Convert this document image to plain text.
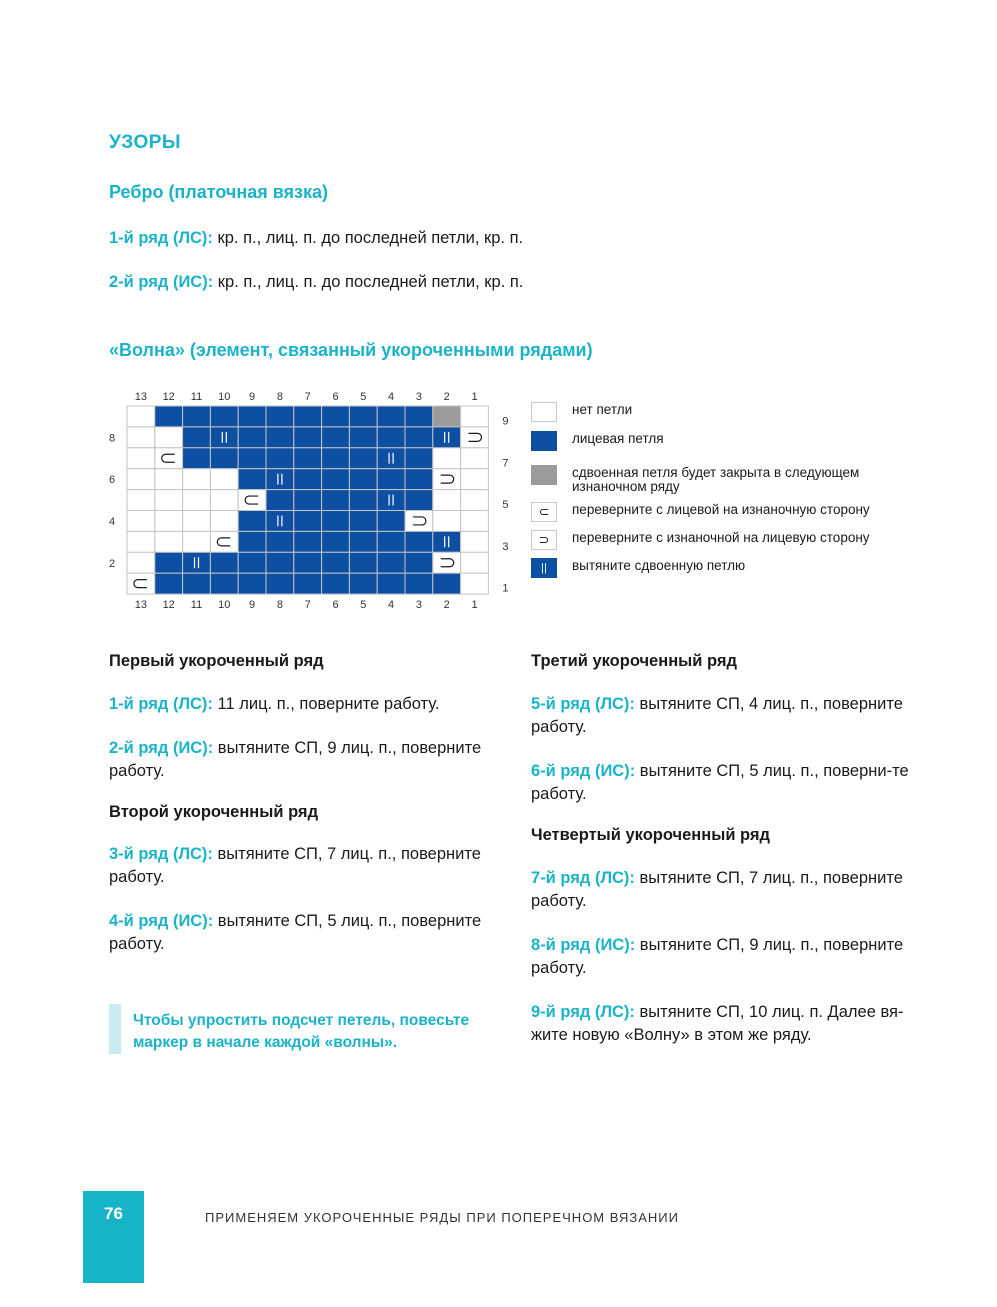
УЗОРЫ
Ребро (платочная вязка)
1-й ряд (ЛС): кр. п., лиц. п. до последней петли, кр. п.
2-й ряд (ИС): кр. п., лиц. п. до последней петли, кр. п.
«Волна» (элемент, связанный укороченными рядами)
13
13
12
12
11
11
10
10
9
9
8
8
7
7
6
6
5
5
4
4
3
3
2
2
1
1
9
7
5
3
1
8
6
4
2
нет петли
лицевая петля
сдвоенная петля будет закрыта в следующем изнаночном ряду
⊂	переверните с лицевой на изнаночную сторону
⊃	переверните с изнаночной на лицевую сторону
||	вытяните сдвоенную петлю
Первый укороченный ряд
1-й ряд (ЛС): 11 лиц. п., поверните работу.
2-й ряд (ИС): вытяните СП, 9 лиц. п., поверните работу.
Второй укороченный ряд
3-й ряд (ЛС): вытяните СП, 7 лиц. п., поверните работу.
4-й ряд (ИС): вытяните СП, 5 лиц. п., поверните работу.
Третий укороченный ряд
5-й ряд (ЛС): вытяните СП, 4 лиц. п., поверните работу.
6-й ряд (ИС): вытяните СП, 5 лиц. п., поверни-те работу.
Четвертый укороченный ряд
7-й ряд (ЛС): вытяните СП, 7 лиц. п., поверните работу.
8-й ряд (ИС): вытяните СП, 9 лиц. п., поверните работу.
9-й ряд (ЛС): вытяните СП, 10 лиц. п. Далее вя-жите новую «Волну» в этом же ряду.
Чтобы упростить подсчет петель, повесьте маркер в начале каждой «волны».
76	ПРИМЕНЯЕМ УКОРОЧЕННЫЕ РЯДЫ ПРИ ПОПЕРЕЧНОМ ВЯЗАНИИ
